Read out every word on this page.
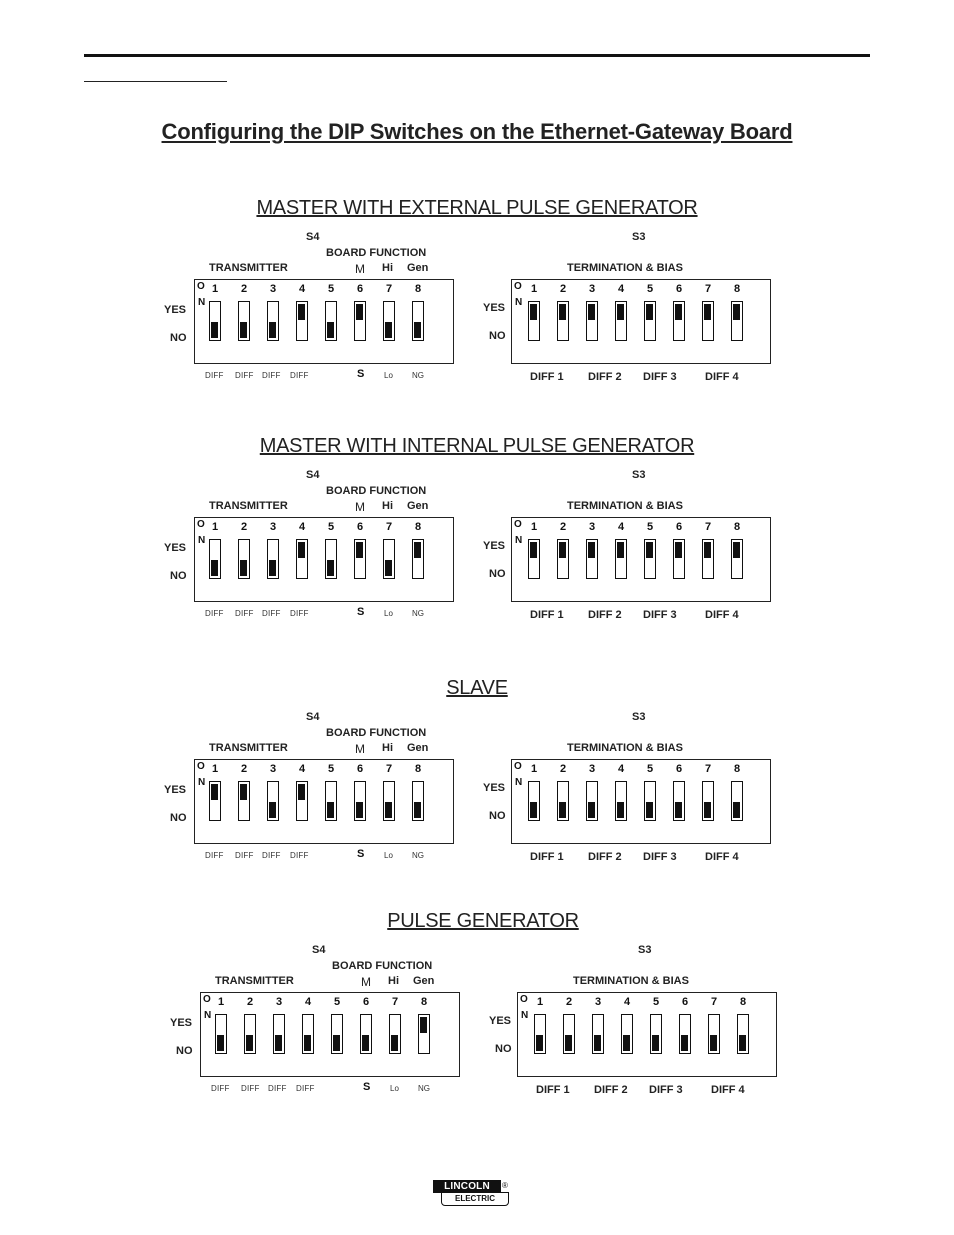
Configuring the DIP Switches on the Ethernet-Gateway Board
MASTER WITH EXTERNAL PULSE GENERATOR
S4	S3
BOARD FUNCTION
TRANSMITTER	M Hi Gen	TERMINATION & BIAS
YES
NO
YES
NO
O
N
1	2	3	4	5	6	7	8	O
N
1	2	3	4	5	6	7	8
DIFF DIFF DIFF DIFF	S Lo NG	DIFF 1 DIFF 2 DIFF 3	DIFF 4
MASTER WITH INTERNAL PULSE GENERATOR
S4	S3
BOARD FUNCTION
TRANSMITTER	M Hi Gen	TERMINATION & BIAS
YES
NO
YES
NO
O
N
1	2	3	4	5	6	7	8	O
N
1	2	3	4	5	6	7	8
DIFF DIFF DIFF DIFF	S Lo NG	DIFF 1 DIFF 2 DIFF 3	DIFF 4
SLAVE
S4	S3
BOARD FUNCTION
TRANSMITTER	M Hi Gen	TERMINATION & BIAS
YES
NO
YES
NO
O
N
1	2	3	4	5	6	7	8	O
N
1	2	3	4	5	6	7	8
DIFF DIFF DIFF DIFF	S Lo NG	DIFF 1 DIFF 2 DIFF 3	DIFF 4
PULSE GENERATOR
S4	S3
BOARD FUNCTION
TRANSMITTER	M Hi Gen	TERMINATION & BIAS
YES
NO
YES
NO
O
N
1	2	3	4	5	6	7	8	O
N
1	2	3	4	5	6	7	8
DIFF DIFF DIFF DIFF	S Lo NG	DIFF 1 DIFF 2 DIFF 3	DIFF 4
LINCOLN
ELECTRIC
®
